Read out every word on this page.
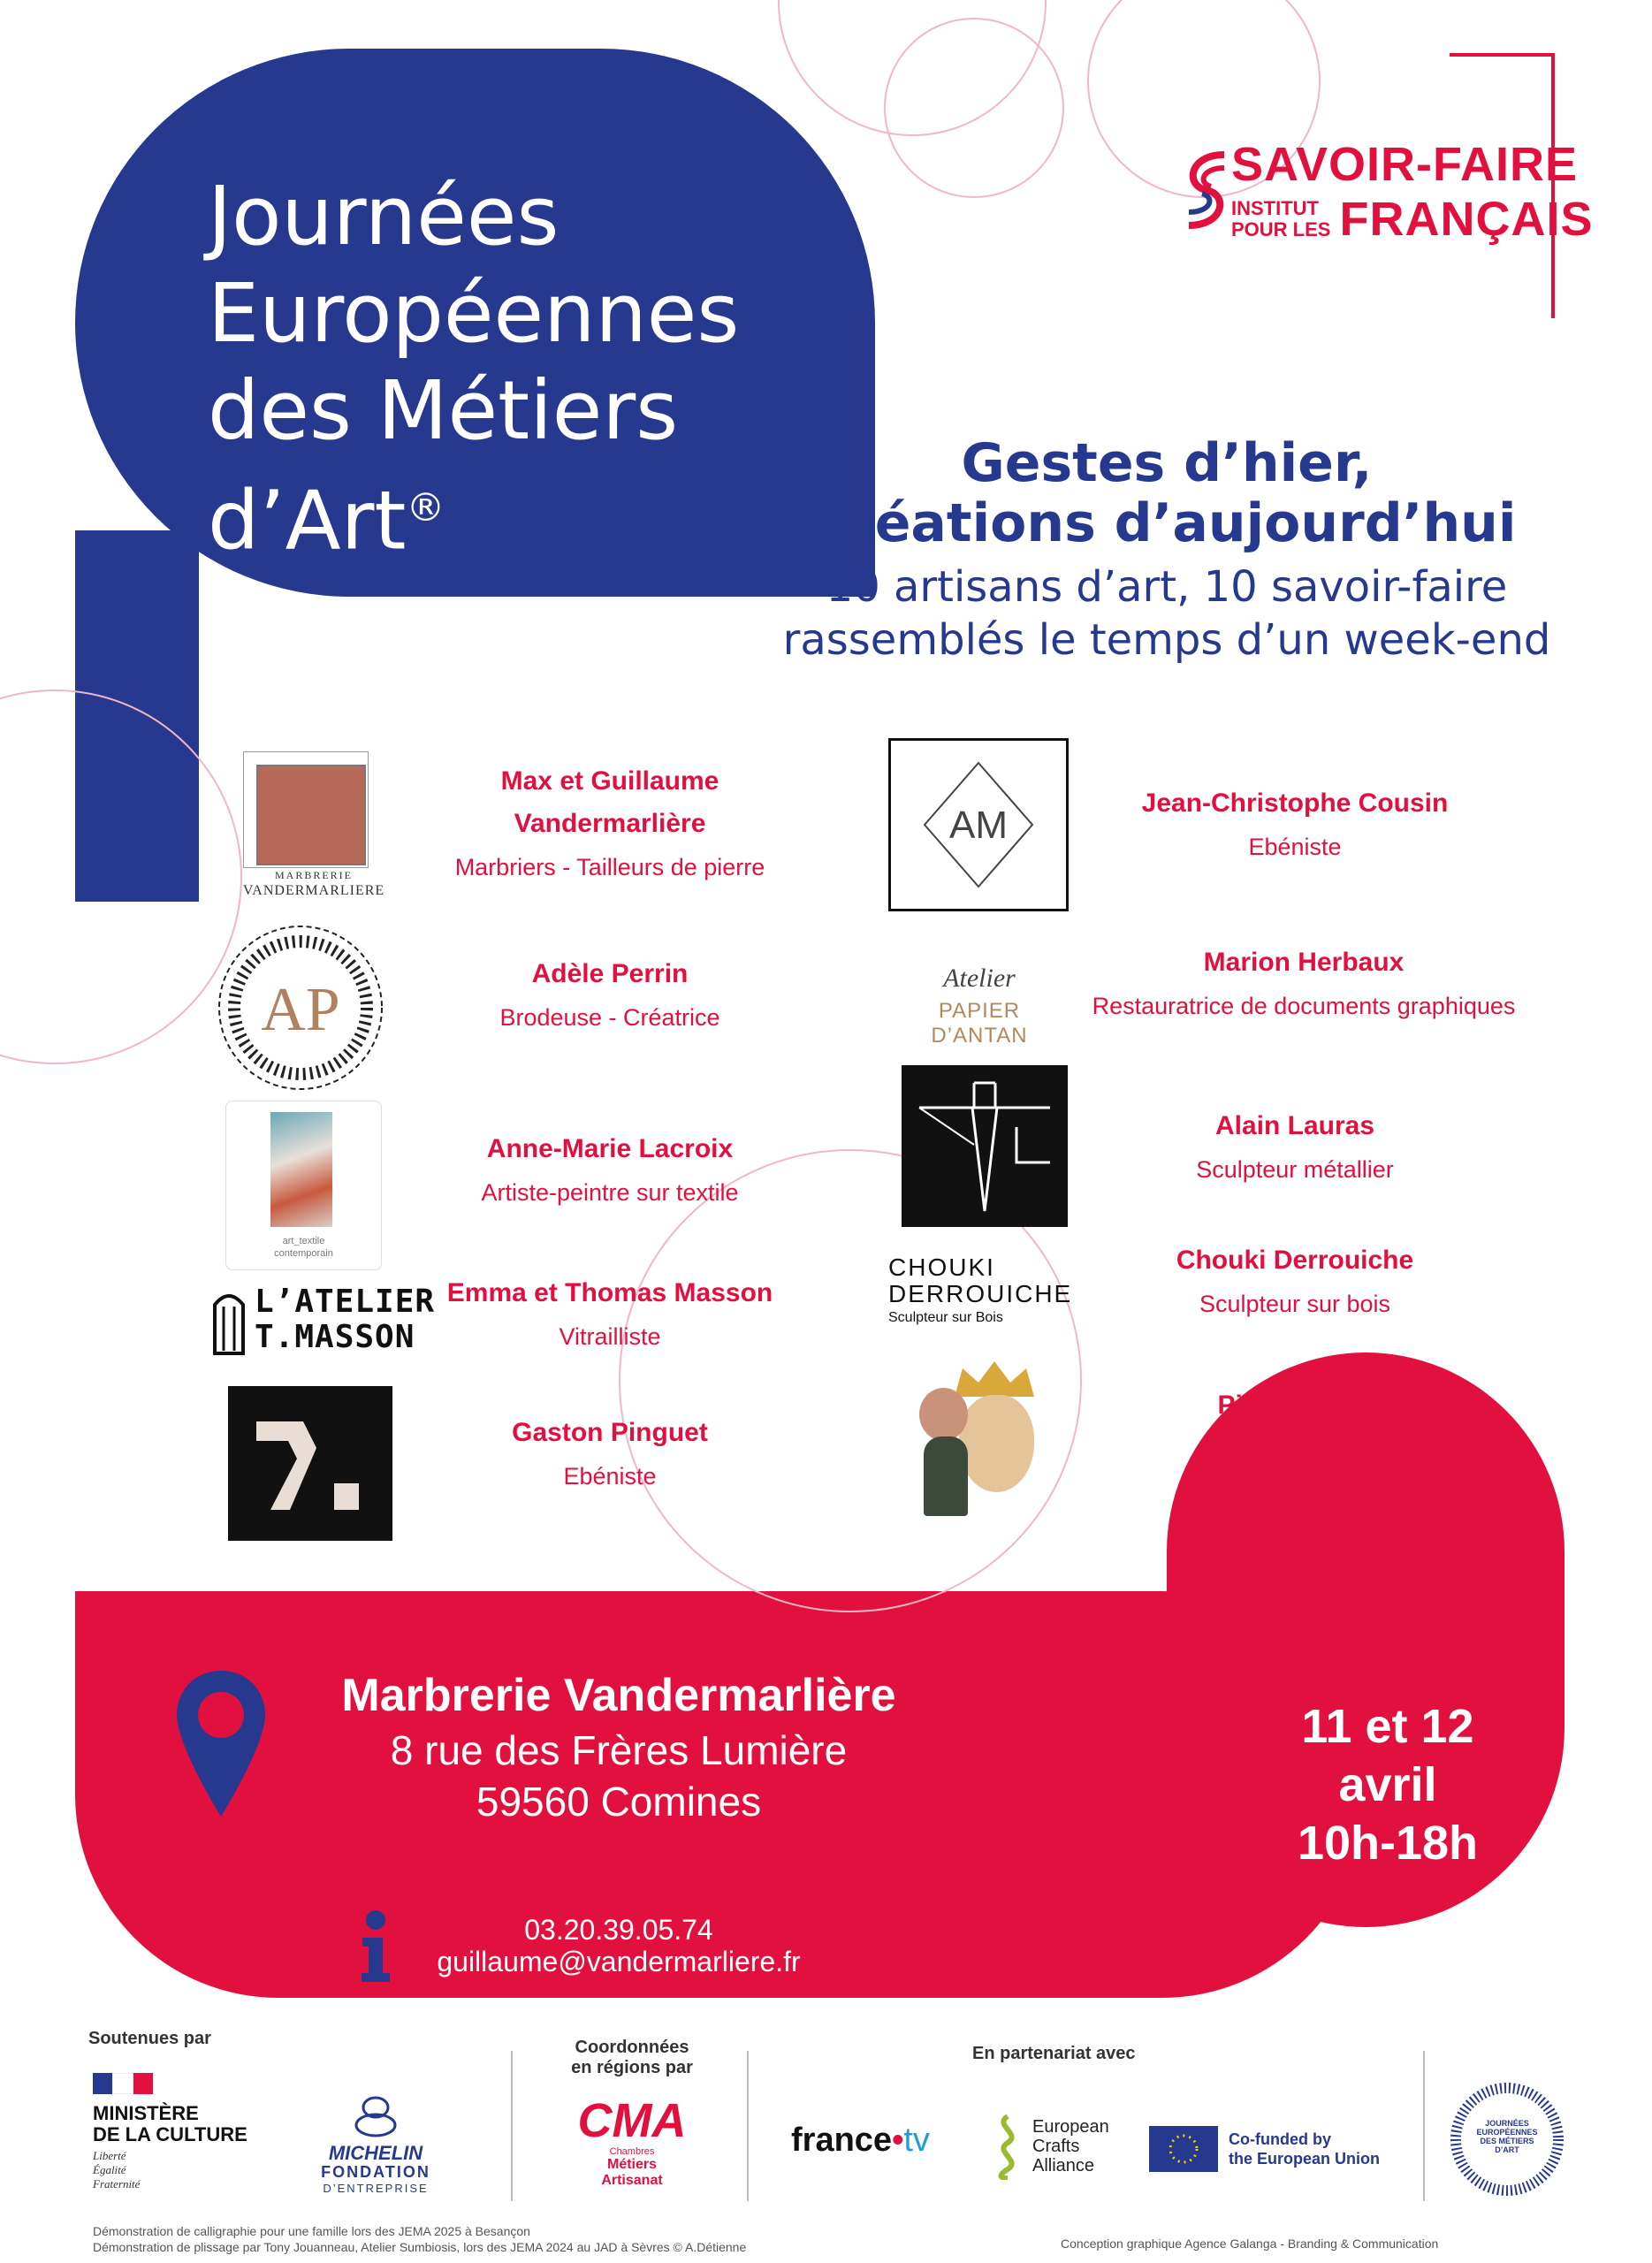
Journées
Européennes
des Métiers
d’Art®
SAVOIR-FAIRE
INSTITUT
POUR LES FRANÇAIS
Gestes d’hier,
créations d’aujourd’hui
10 artisans d’art, 10 savoir-faire
rassemblés le temps d’un week-end
MARBRERIE
VANDERMARLIERE
AP
art_textile
contemporain
L’ATELIER
T.MASSON
Max et Guillaume
Vandermarlière
Marbriers - Tailleurs de pierre
Adèle Perrin
Brodeuse - Créatrice
Anne-Marie Lacroix
Artiste-peintre sur textile
Emma et Thomas Masson
Vitrailliste
Gaston Pinguet
Ebéniste
AM
Atelier
PAPIER D’ANTAN
CHOUKI
DERROUICHE
Sculpteur sur Bois
Jean-Christophe Cousin
Ebéniste
Marion Herbaux
Restauratrice de documents graphiques
Alain Lauras
Sculpteur métallier
Chouki Derrouiche
Sculpteur sur bois
Pierre Loyer
Facteur de géants
Marbrerie Vandermarlière
8 rue des Frères Lumière
59560 Comines
03.20.39.05.74
guillaume@vandermarliere.fr
11 et 12
avril
10h-18h
Soutenues par
MINISTÈRE
DE LA CULTURE
Liberté
Égalité
Fraternité
MICHELIN
FONDATION
D’ENTREPRISE
Coordonnées
en régions par
CMA
Chambres
Métiers
Artisanat
En partenariat avec
france•tv	European
Crafts
Alliance
Co-funded by
the European Union
JOURNÉES EUROPÉENNES DES MÉTIERS D’ART
Démonstration de calligraphie pour une famille lors des JEMA 2025 à Besançon
Démonstration de plissage par Tony Jouanneau, Atelier Sumbiosis, lors des JEMA 2024 au JAD à Sèvres © A.Détienne	Conception graphique Agence Galanga - Branding & Communication
